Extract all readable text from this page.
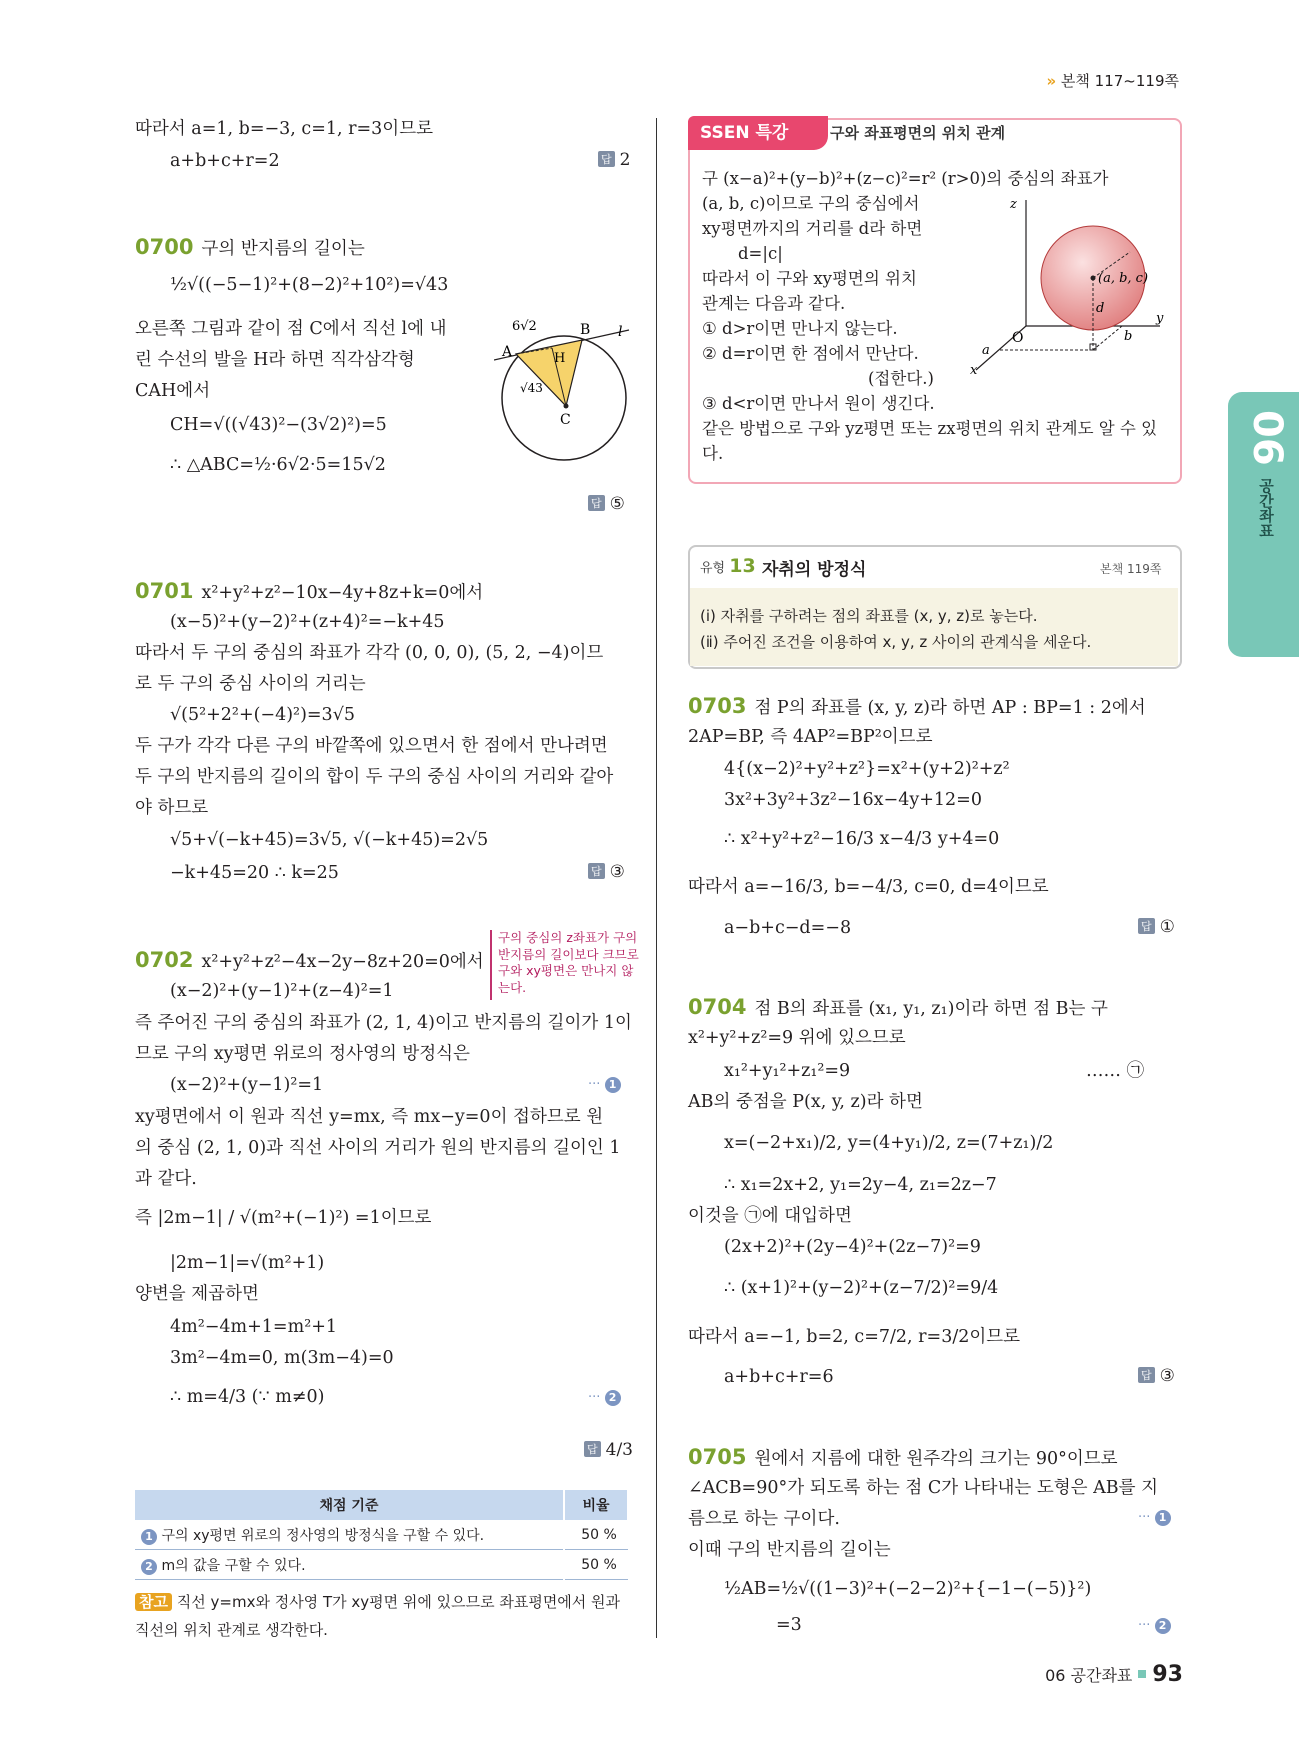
» 본책 117~119쪽
따라서 a=1, b=−3, c=1, r=3이므로
a+b+c+r=2	답 2
0700 구의 반지름의 길이는
½√((−5−1)²+(8−2)²+10²)=√43
오른쪽 그림과 같이 점 C에서 직선 l에 내
린 수선의 발을 H라 하면 직각삼각형
CAH에서
CH=√((√43)²−(3√2)²)=5
∴ △ABC=½·6√2·5=15√2
답 ⑤
6√2	B l
A	H
√43
C
0701 x²+y²+z²−10x−4y+8z+k=0에서
(x−5)²+(y−2)²+(z+4)²=−k+45
따라서 두 구의 중심의 좌표가 각각 (0, 0, 0), (5, 2, −4)이므
로 두 구의 중심 사이의 거리는
√(5²+2²+(−4)²)=3√5
두 구가 각각 다른 구의 바깥쪽에 있으면서 한 점에서 만나려면
두 구의 반지름의 길이의 합이 두 구의 중심 사이의 거리와 같아
야 하므로
√5+√(−k+45)=3√5, √(−k+45)=2√5
−k+45=20 ∴ k=25	답 ③
0702 x²+y²+z²−4x−2y−8z+20=0에서
(x−2)²+(y−1)²+(z−4)²=1
구의 중심의 z좌표가 구의 반지름의 길이보다 크므로 구와 xy평면은 만나지 않는다.
즉 주어진 구의 중심의 좌표가 (2, 1, 4)이고 반지름의 길이가 1이
므로 구의 xy평면 위로의 정사영의 방정식은
(x−2)²+(y−1)²=1	··· 1
xy평면에서 이 원과 직선 y=mx, 즉 mx−y=0이 접하므로 원
의 중심 (2, 1, 0)과 직선 사이의 거리가 원의 반지름의 길이인 1
과 같다.
즉 |2m−1| / √(m²+(−1)²) =1이므로
|2m−1|=√(m²+1)
양변을 제곱하면
4m²−4m+1=m²+1
3m²−4m=0, m(3m−4)=0
∴ m=4/3 (∵ m≠0)	··· 2
답 4/3
채점 기준	비율
1 구의 xy평면 위로의 정사영의 방정식을 구할 수 있다.	50 %
2 m의 값을 구할 수 있다.	50 %
참고 직선 y=mx와 정사영 T가 xy평면 위에 있으므로 좌표평면에서 원과
직선의 위치 관계로 생각한다.
SSEN 특강	구와 좌표평면의 위치 관계
구 (x−a)²+(y−b)²+(z−c)²=r² (r>0)의 중심의 좌표가
(a, b, c)이므로 구의 중심에서
xy평면까지의 거리를 d라 하면
d=|c|
따라서 이 구와 xy평면의 위치
관계는 다음과 같다.
① d>r이면 만나지 않는다.
② d=r이면 한 점에서 만난다.
(접한다.)
③ d<r이면 만나서 원이 생긴다.
같은 방법으로 구와 yz평면 또는 zx평면의 위치 관계도 알 수 있
다.
z
O
y
x
a
b
d
(a, b, c)
유형 13 자취의 방정식	본책 119쪽
(ⅰ) 자취를 구하려는 점의 좌표를 (x, y, z)로 놓는다.
(ⅱ) 주어진 조건을 이용하여 x, y, z 사이의 관계식을 세운다.
0703 점 P의 좌표를 (x, y, z)라 하면 AP : BP=1 : 2에서
2AP=BP, 즉 4AP²=BP²이므로
4{(x−2)²+y²+z²}=x²+(y+2)²+z²
3x²+3y²+3z²−16x−4y+12=0
∴ x²+y²+z²−16/3 x−4/3 y+4=0
따라서 a=−16/3, b=−4/3, c=0, d=4이므로
a−b+c−d=−8	답 ①
0704 점 B의 좌표를 (x₁, y₁, z₁)이라 하면 점 B는 구
x²+y²+z²=9 위에 있으므로
x₁²+y₁²+z₁²=9	…… ㉠
AB의 중점을 P(x, y, z)라 하면
x=(−2+x₁)/2, y=(4+y₁)/2, z=(7+z₁)/2
∴ x₁=2x+2, y₁=2y−4, z₁=2z−7
이것을 ㉠에 대입하면
(2x+2)²+(2y−4)²+(2z−7)²=9
∴ (x+1)²+(y−2)²+(z−7/2)²=9/4
따라서 a=−1, b=2, c=7/2, r=3/2이므로
a+b+c+r=6	답 ③
0705 원에서 지름에 대한 원주각의 크기는 90°이므로
∠ACB=90°가 되도록 하는 점 C가 나타내는 도형은 AB를 지
름으로 하는 구이다.	··· 1
이때 구의 반지름의 길이는
½AB=½√((1−3)²+(−2−2)²+{−1−(−5)}²)
=3	··· 2
06
공간좌표
06 공간좌표 93
